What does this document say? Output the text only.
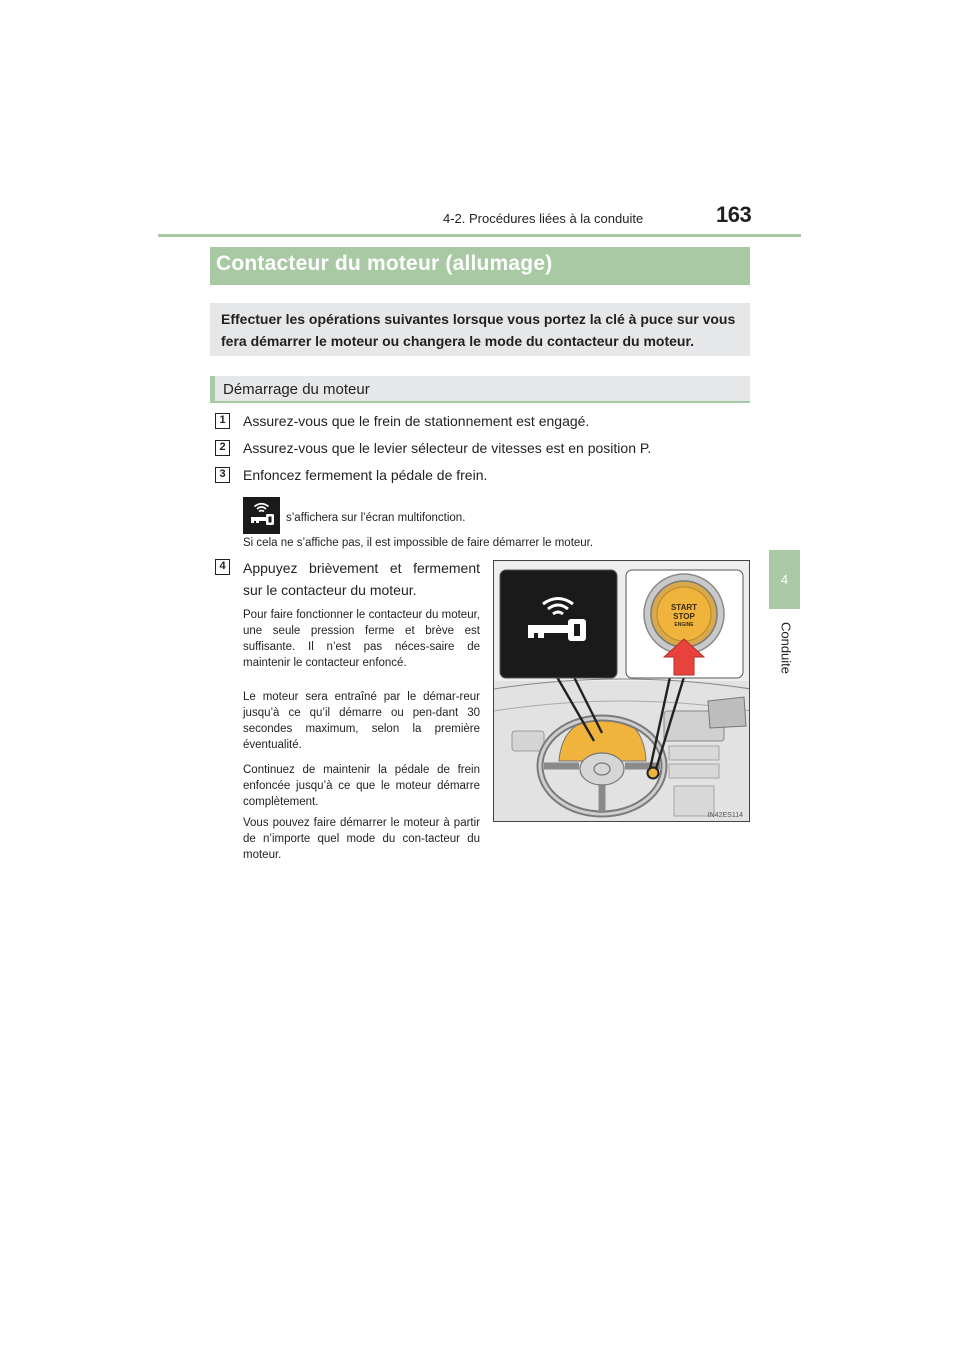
4-2. Procédures liées à la conduite	163
4
Conduite
Contacteur du moteur (allumage)
Effectuer les opérations suivantes lorsque vous portez la clé à puce sur vous
fera démarrer le moteur ou changera le mode du contacteur du moteur.
Démarrage du moteur
1	Assurez-vous que le frein de stationnement est engagé.
2	Assurez-vous que le levier sélecteur de vitesses est en position P.
3	Enfoncez fermement la pédale de frein.
s’affichera sur l’écran multifonction.
Si cela ne s’affiche pas, il est impossible de faire démarrer le moteur.
4	Appuyez brièvement et fermement
sur le contacteur du moteur.
Pour faire fonctionner le contacteur du moteur, une seule pression ferme et brève est suffisante. Il n’est pas néces-saire de maintenir le contacteur enfoncé.
Le moteur sera entraîné par le démar-reur jusqu’à ce qu’il démarre ou pen-dant 30 secondes maximum, selon la première éventualité.
Continuez de maintenir la pédale de frein enfoncée jusqu’à ce que le moteur démarre complètement.
Vous pouvez faire démarrer le moteur à partir de n’importe quel mode du con-tacteur du moteur.
START
STOP
ENGINE
IN42ES114
